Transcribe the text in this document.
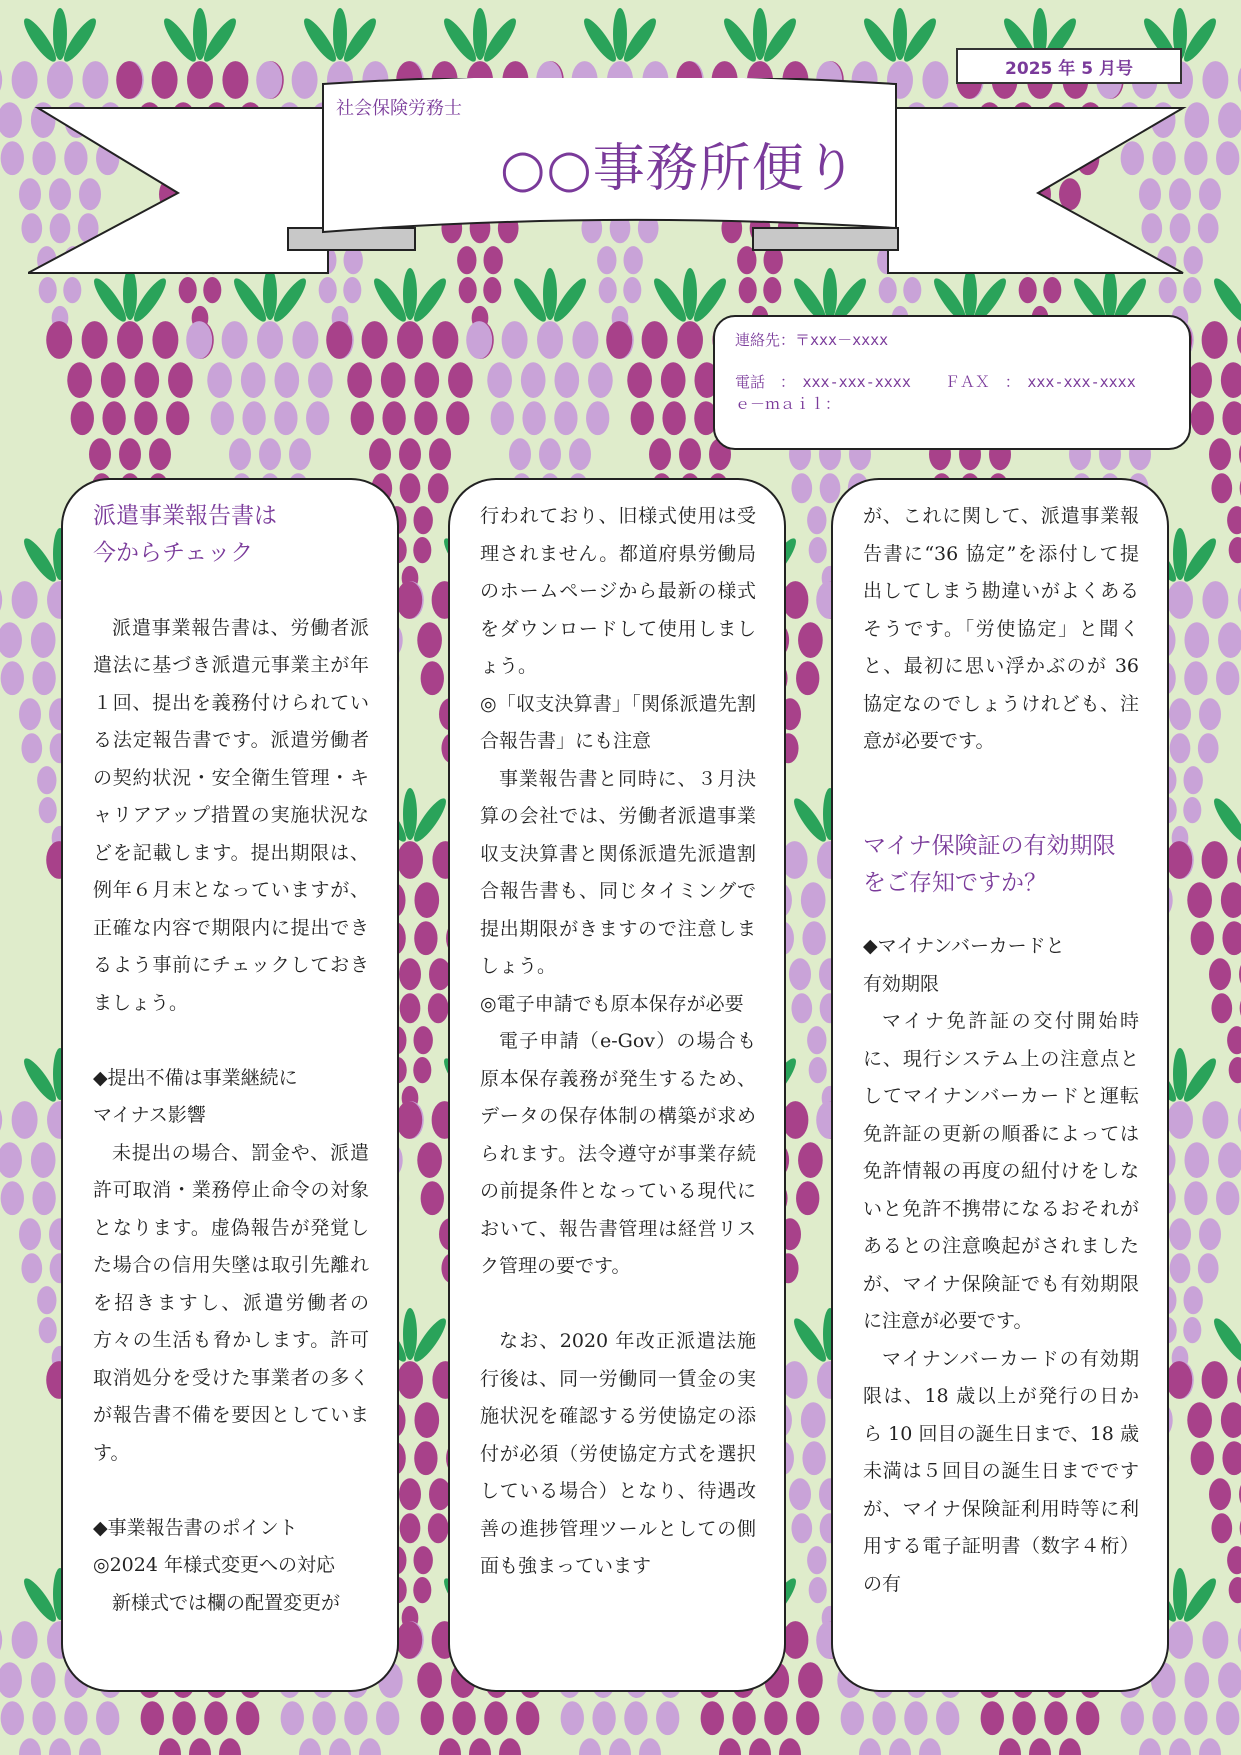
2025 年 5 月号
社会保険労務士
○○事務所便り
連絡先：〒xxx－xxxx
電話　：　xxx-xxx-xxxx ＦＡＸ　：　xxx-xxx-xxxx
ｅ－ｍａｉｌ：
派遣事業報告書は
今からチェック

派遣事業報告書は、労働者派遣法に基づき派遣元事業主が年１回、提出を義務付けられている法定報告書です。派遣労働者の契約状況・安全衛生管理・キャリアアップ措置の実施状況などを記載します。提出期限は、例年６月末となっていますが、正確な内容で期限内に提出できるよう事前にチェックしておきましょう。

◆提出不備は事業継続に

マイナス影響

未提出の場合、罰金や、派遣許可取消・業務停止命令の対象となります。虚偽報告が発覚した場合の信用失墜は取引先離れを招きますし、派遣労働者の方々の生活も脅かします。許可取消処分を受けた事業者の多くが報告書不備を要因としています。

◆事業報告書のポイント

◎2024 年様式変更への対応

新様式では欄の配置変更が

行われており、旧様式使用は受理されません。都道府県労働局のホームページから最新の様式をダウンロードして使用しましょう。

◎「収支決算書」「関係派遣先割合報告書」にも注意

事業報告書と同時に、３月決算の会社では、労働者派遣事業収支決算書と関係派遣先派遣割合報告書も、同じタイミングで提出期限がきますので注意しましょう。

◎電子申請でも原本保存が必要

電子申請（e-Gov）の場合も原本保存義務が発生するため、データの保存体制の構築が求められます。法令遵守が事業存続の前提条件となっている現代において、報告書管理は経営リスク管理の要です。

なお、2020 年改正派遣法施行後は、同一労働同一賃金の実施状況を確認する労使協定の添付が必須（労使協定方式を選択している場合）となり、待遇改善の進捗管理ツールとしての側面も強まっています

が、これに関して、派遣事業報告書に“36 協定”を添付して提出してしまう勘違いがよくあるそうです。「労使協定」と聞くと、最初に思い浮かぶのが 36 協定なのでしょうけれども、注意が必要です。

マイナ保険証の有効期限
をご存知ですか？

◆マイナンバーカードと

有効期限

マイナ免許証の交付開始時に、現行システム上の注意点としてマイナンバーカードと運転免許証の更新の順番によっては免許情報の再度の紐付けをしないと免許不携帯になるおそれがあるとの注意喚起がされましたが、マイナ保険証でも有効期限に注意が必要です。

マイナンバーカードの有効期限は、18 歳以上が発行の日から 10 回目の誕生日まで、18 歳未満は５回目の誕生日までですが、マイナ保険証利用時等に利用する電子証明書（数字４桁）の有
